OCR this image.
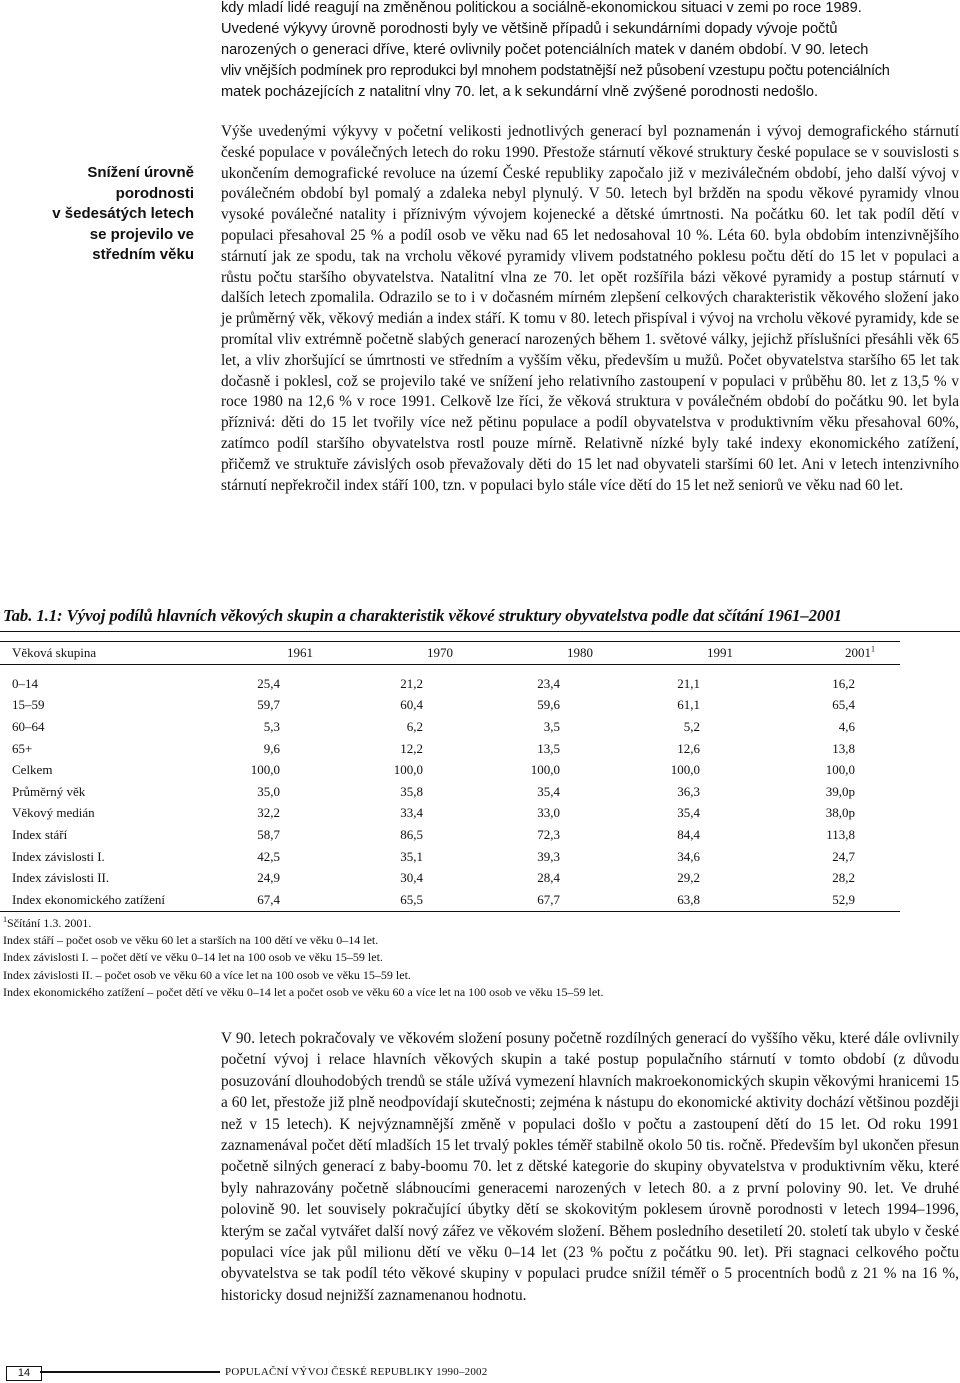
kdy mladí lidé reagují na změněnou politickou a sociálně-ekonomickou situaci v zemi po roce 1989.
Uvedené výkyvy úrovně porodnosti byly ve většině případů i sekundárními dopady vývoje počtů
narozených o generaci dříve, které ovlivnily počet potenciálních matek v daném období. V 90. letech
vliv vnějších podmínek pro reprodukci byl mnohem podstatnější než působení vzestupu počtu potenciálních
matek pocházejících z natalitní vlny 70. let, a k sekundární vlně zvýšené porodnosti nedošlo.
Snížení úrovně
porodnosti
v šedesátých letech
se projevilo ve
středním věku

Výše uvedenými výkyvy v početní velikosti jednotlivých generací byl poznamenán i vývoj demografického stárnutí české populace v poválečných letech do roku 1990. Přestože stárnutí věkové struktury české populace se v souvislosti s ukončením demografické revoluce na území České republiky započalo již v meziválečném období, jeho další vývoj v poválečném období byl pomalý a zdaleka nebyl plynulý. V 50. letech byl bržděn na spodu věkové pyramidy vlnou vysoké poválečné natality i příznivým vývojem kojenecké a dětské úmrtnosti. Na počátku 60. let tak podíl dětí v populaci přesahoval 25 % a podíl osob ve věku nad 65 let nedosahoval 10 %. Léta 60. byla obdobím intenzivnějšího stárnutí jak ze spodu, tak na vrcholu věkové pyramidy vlivem podstatného poklesu počtu dětí do 15 let v populaci a růstu počtu staršího obyvatelstva. Natalitní vlna ze 70. let opět rozšířila bázi věkové pyramidy a postup stárnutí v dalších letech zpomalila. Odrazilo se to i v dočasném mírném zlepšení celkových charakteristik věkového složení jako je průměrný věk, věkový medián a index stáří. K tomu v 80. letech přispíval i vývoj na vrcholu věkové pyramidy, kde se promítal vliv extrémně početně slabých generací narozených během 1. světové války, jejichž příslušníci přesáhli věk 65 let, a vliv zhoršující se úmrtnosti ve středním a vyšším věku, především u mužů. Počet obyvatelstva staršího 65 let tak dočasně i poklesl, což se projevilo také ve snížení jeho relativního zastoupení v populaci v průběhu 80. let z 13,5 % v roce 1980 na 12,6 % v roce 1991. Celkově lze říci, že věková struktura v poválečném období do počátku 90. let byla příznivá: děti do 15 let tvořily více než pětinu populace a podíl obyvatelstva v produktivním věku přesahoval 60%, zatímco podíl staršího obyvatelstva rostl pouze mírně. Relativně nízké byly také indexy ekonomického zatížení, přičemž ve struktuře závislých osob převažovaly děti do 15 let nad obyvateli staršími 60 let. Ani v letech intenzivního stárnutí nepřekročil index stáří 100, tzn. v populaci bylo stále více dětí do 15 let než seniorů ve věku nad 60 let.

Tab. 1.1: Vývoj podílů hlavních věkových skupin a charakteristik věkové struktury obyvatelstva podle dat sčítání 1961–2001
Věková skupina	1961	1970	1980	1991	2001$^1$
0–14	25,4	21,2	23,4	21,1	16,2
15–59	59,7	60,4	59,6	61,1	65,4
60–64	5,3	6,2	3,5	5,2	4,6
65+	9,6	12,2	13,5	12,6	13,8
Celkem	100,0	100,0	100,0	100,0	100,0
Průměrný věk	35,0	35,8	35,4	36,3	39,0p
Věkový medián	32,2	33,4	33,0	35,4	38,0p
Index stáří	58,7	86,5	72,3	84,4	113,8
Index závislosti I.	42,5	35,1	39,3	34,6	24,7
Index závislosti II.	24,9	30,4	28,4	29,2	28,2
Index ekonomického zatížení	67,4	65,5	67,7	63,8	52,9
$^1$Sčítání 1.3. 2001.
Index stáří – počet osob ve věku 60 let a starších na 100 dětí ve věku 0–14 let.
Index závislosti I. – počet dětí ve věku 0–14 let na 100 osob ve věku 15–59 let.
Index závislosti II. – počet osob ve věku 60 a více let na 100 osob ve věku 15–59 let.
Index ekonomického zatížení – počet dětí ve věku 0–14 let a počet osob ve věku 60 a více let na 100 osob ve věku 15–59 let.

V 90. letech pokračovaly ve věkovém složení posuny početně rozdílných generací do vyššího věku, které dále ovlivnily početní vývoj i relace hlavních věkových skupin a také postup populačního stárnutí v tomto období (z důvodu posuzování dlouhodobých trendů se stále užívá vymezení hlavních makroekonomických skupin věkovými hranicemi 15 a 60 let, přestože již plně neodpovídají skutečnosti; zejména k nástupu do ekonomické aktivity dochází většinou později než v 15 letech). K nejvýznamnější změně v populaci došlo v počtu a zastoupení dětí do 15 let. Od roku 1991 zaznamenával počet dětí mladších 15 let trvalý pokles téměř stabilně okolo 50 tis. ročně. Především byl ukončen přesun početně silných generací z baby-boomu 70. let z dětské kategorie do skupiny obyvatelstva v produktivním věku, které byly nahrazovány početně slábnoucími generacemi narozených v letech 80. a z první poloviny 90. let. Ve druhé polovině 90. let souvisely pokračující úbytky dětí se skokovitým poklesem úrovně porodnosti v letech 1994–1996, kterým se začal vytvářet další nový zářez ve věkovém složení. Během posledního desetiletí 20. století tak ubylo v české populaci více jak půl milionu dětí ve věku 0–14 let (23 % počtu z počátku 90. let). Při stagnaci celkového počtu obyvatelstva se tak podíl této věkové skupiny v populaci prudce snížil téměř o 5 procentních bodů z 21 % na 16 %, historicky dosud nejnižší zaznamenanou hodnotu.

14	POPULAČNÍ VÝVOJ ČESKÉ REPUBLIKY 1990–2002
